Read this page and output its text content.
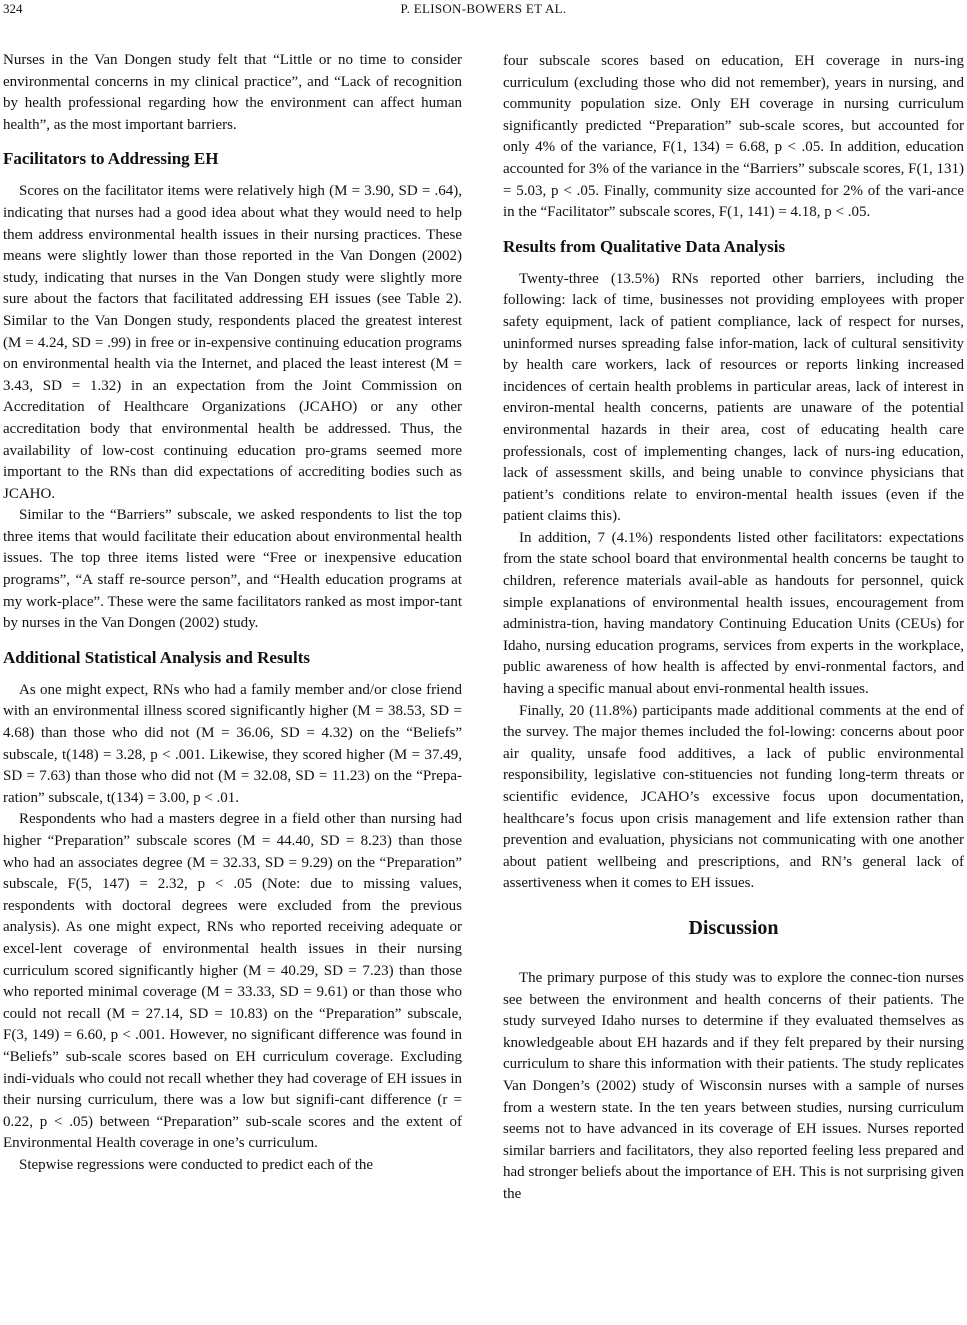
324	P. ELISON-BOWERS ET AL.

Nurses in the Van Dongen study felt that “Little or no time to consider environmental concerns in my clinical practice”, and “Lack of recognition by health professional regarding how the environment can affect human health”, as the most important barriers.

Facilitators to Addressing EH

Scores on the facilitator items were relatively high (M = 3.90, SD = .64), indicating that nurses had a good idea about what they would need to help them address environmental health issues in their nursing practices. These means were slightly lower than those reported in the Van Dongen (2002) study, indicating that nurses in the Van Dongen study were slightly more sure about the factors that facilitated addressing EH issues (see Table 2). Similar to the Van Dongen study, respondents placed the greatest interest (M = 4.24, SD = .99) in free or in-expensive continuing education programs on environmental health via the Internet, and placed the least interest (M = 3.43, SD = 1.32) in an expectation from the Joint Commission on Accreditation of Healthcare Organizations (JCAHO) or any other accreditation body that environmental health be addressed. Thus, the availability of low-cost continuing education pro-grams seemed more important to the RNs than did expectations of accrediting bodies such as JCAHO.

Similar to the “Barriers” subscale, we asked respondents to list the top three items that would facilitate their education about environmental health issues. The top three items listed were “Free or inexpensive education programs”, “A staff re-source person”, and “Health education programs at my work-place”. These were the same facilitators ranked as most impor-tant by nurses in the Van Dongen (2002) study.

Additional Statistical Analysis and Results

As one might expect, RNs who had a family member and/or close friend with an environmental illness scored significantly higher (M = 38.53, SD = 4.68) than those who did not (M = 36.06, SD = 4.32) on the “Beliefs” subscale, t(148) = 3.28, p < .001. Likewise, they scored higher (M = 37.49, SD = 7.63) than those who did not (M = 32.08, SD = 11.23) on the “Prepa-ration” subscale, t(134) = 3.00, p < .01.

Respondents who had a masters degree in a field other than nursing had higher “Preparation” subscale scores (M = 44.40, SD = 8.23) than those who had an associates degree (M = 32.33, SD = 9.29) on the “Preparation” subscale, F(5, 147) = 2.32, p < .05 (Note: due to missing values, respondents with doctoral degrees were excluded from the previous analysis). As one might expect, RNs who reported receiving adequate or excel-lent coverage of environmental health issues in their nursing curriculum scored significantly higher (M = 40.29, SD = 7.23) than those who reported minimal coverage (M = 33.33, SD = 9.61) or than those who could not recall (M = 27.14, SD = 10.83) on the “Preparation” subscale, F(3, 149) = 6.60, p < .001. However, no significant difference was found in “Beliefs” sub-scale scores based on EH curriculum coverage. Excluding indi-viduals who could not recall whether they had coverage of EH issues in their nursing curriculum, there was a low but signifi-cant difference (r = 0.22, p < .05) between “Preparation” sub-scale scores and the extent of Environmental Health coverage in one’s curriculum.

Stepwise regressions were conducted to predict each of the

four subscale scores based on education, EH coverage in nurs-ing curriculum (excluding those who did not remember), years in nursing, and community population size. Only EH coverage in nursing curriculum significantly predicted “Preparation” sub-scale scores, but accounted for only 4% of the variance, F(1, 134) = 6.68, p < .05. In addition, education accounted for 3% of the variance in the “Barriers” subscale scores, F(1, 131) = 5.03, p < .05. Finally, community size accounted for 2% of the vari-ance in the “Facilitator” subscale scores, F(1, 141) = 4.18, p < .05.

Results from Qualitative Data Analysis

Twenty-three (13.5%) RNs reported other barriers, including the following: lack of time, businesses not providing employees with proper safety equipment, lack of patient compliance, lack of respect for nurses, uninformed nurses spreading false infor-mation, lack of cultural sensitivity by health care workers, lack of resources or reports linking increased incidences of certain health problems in particular areas, lack of interest in environ-mental health concerns, patients are unaware of the potential environmental hazards in their area, cost of educating health care professionals, cost of implementing changes, lack of nurs-ing education, lack of assessment skills, and being unable to convince physicians that patient’s conditions relate to environ-mental health issues (even if the patient claims this).

In addition, 7 (4.1%) respondents listed other facilitators: expectations from the state school board that environmental health concerns be taught to children, reference materials avail-able as handouts for personnel, quick simple explanations of environmental health issues, encouragement from administra-tion, having mandatory Continuing Education Units (CEUs) for Idaho, nursing education programs, services from experts in the workplace, public awareness of how health is affected by envi-ronmental factors, and having a specific manual about envi-ronmental health issues.

Finally, 20 (11.8%) participants made additional comments at the end of the survey. The major themes included the fol-lowing: concerns about poor air quality, unsafe food additives, a lack of public environmental responsibility, legislative con-stituencies not funding long-term threats or scientific evidence, JCAHO’s excessive focus upon documentation, healthcare’s focus upon crisis management and life extension rather than prevention and evaluation, physicians not communicating with one another about patient wellbeing and prescriptions, and RN’s general lack of assertiveness when it comes to EH issues.

Discussion

The primary purpose of this study was to explore the connec-tion nurses see between the environment and health concerns of their patients. The study surveyed Idaho nurses to determine if they evaluated themselves as knowledgeable about EH hazards and if they felt prepared by their nursing curriculum to share this information with their patients. The study replicates Van Dongen’s (2002) study of Wisconsin nurses with a sample of nurses from a western state. In the ten years between studies, nursing curriculum seems not to have advanced in its coverage of EH issues. Nurses reported similar barriers and facilitators, they also reported feeling less prepared and had stronger beliefs about the importance of EH. This is not surprising given the
